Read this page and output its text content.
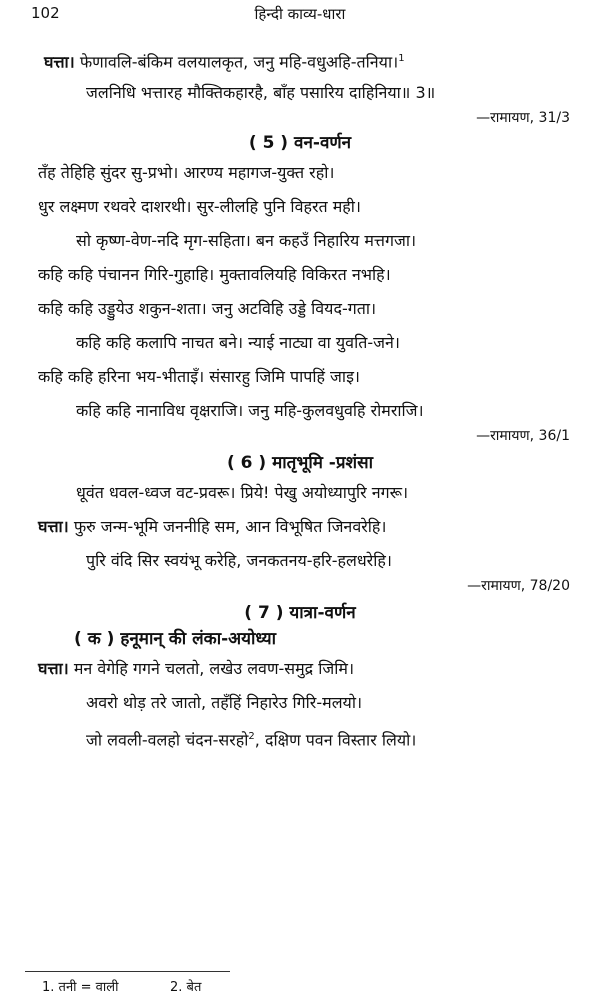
102	हिन्दी काव्य-धारा
घत्ता। फेणावलि-बंकिम वलयालकृत, जनु महि-वधुअहि-तनिया।$^1$
जलनिधि भत्तारह मौक्तिकहारहै, बाँह पसारिय दाहिनिया॥ 3॥
—रामायण, 31/3
( 5 ) वन-वर्णन
तँह तेहिहि सुंदर सु-प्रभो। आरण्य महागज-युक्त रहो।
धुर लक्ष्मण रथवरे दाशरथी। सुर-लीलहि पुनि विहरत मही।
सो कृष्ण-वेण-नदि मृग-सहिता। बन कहउँ निहारिय मत्तगजा।
कहि कहि पंचानन गिरि-गुहाहि। मुक्तावलियहि विकिरत नभहि।
कहि कहि उड्डुयेउ शकुन-शता। जनु अटविहि उड्डे वियद-गता।
कहि कहि कलापि नाचत बने। न्याई नाट्या वा युवति-जने।
कहि कहि हरिना भय-भीताइँ। संसारहु जिमि पापहिं जाइ।
कहि कहि नानाविध वृक्षराजि। जनु महि-कुलवधुवहि रोमराजि।
—रामायण, 36/1
( 6 ) मातृभूमि -प्रशंसा
धूवंत धवल-ध्वज वट-प्रवरू। प्रिये! पेखु अयोध्यापुरि नगरू।
घत्ता। फुरु जन्म-भूमि जननीहि सम, आन विभूषित जिनवरेहि।
पुरि वंदि सिर स्वयंभू करेहि, जनकतनय-हरि-हलधरेहि।
—रामायण, 78/20
( 7 ) यात्रा-वर्णन
( क ) हनूमान् की लंका-अयोध्या
घत्ता। मन वेगेहि गगने चलतो, लखेउ लवण-समुद्र जिमि।
अवरो थोड़ तरे जातो, तहँहिं निहारेउ गिरि-मलयो।
जो लवली-वलहो चंदन-सरहो$^2$, दक्षिण पवन विस्तार लियो।
1. तनी = वाली	2. बेत
